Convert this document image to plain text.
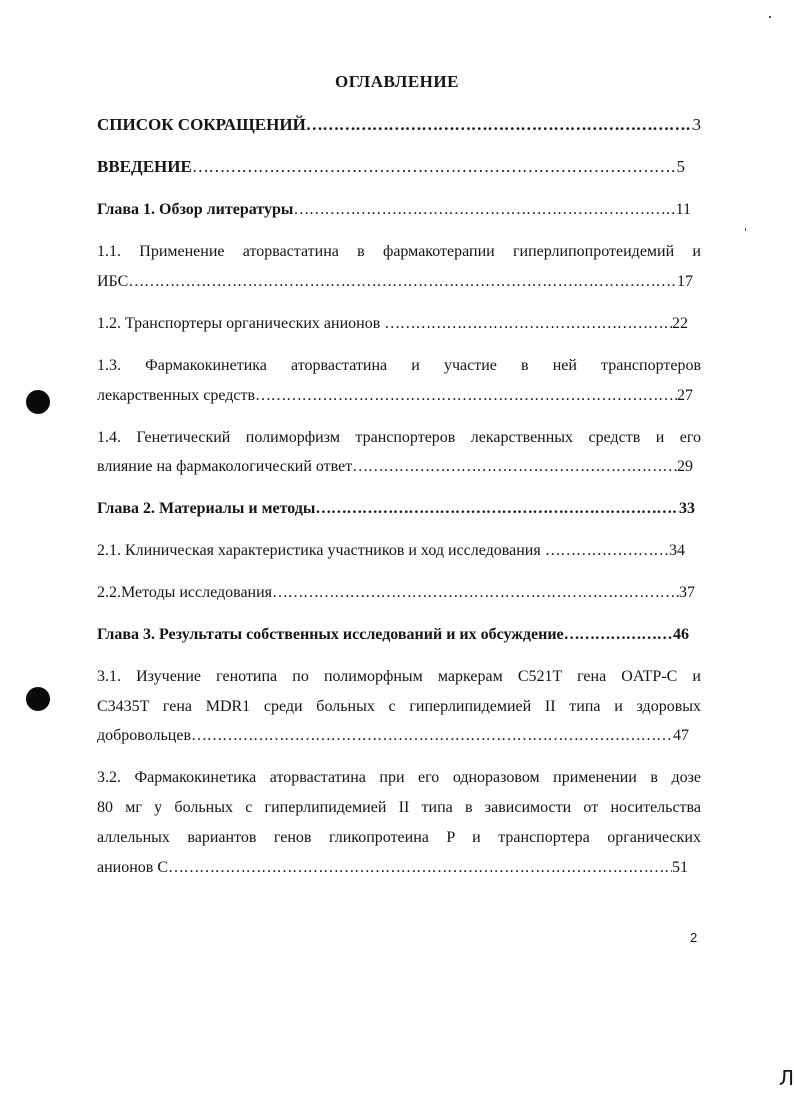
ОГЛАВЛЕНИЕ
СПИСОК СОКРАЩЕНИЙ ………………………………………………………………………………………………………………………………………………………………………………………………	3
ВВЕДЕНИЕ ………………………………………………………………………………………………………………………………………………………………………………………………	5
Глава 1. Обзор литературы ………………………………………………………………………………………………………………………………………………………………………………………………	11
1.1. Применение аторвастатина в фармакотерапии гиперлипопротеидемий и
ИБС ………………………………………………………………………………………………………………………………………………………………………………………………	17
1.2. Транспортеры органических анионов ………………………………………………………………………………………………………………………………………………………………………………………………	22
1.3. Фармакокинетика аторвастатина и участие в ней транспортеров
лекарственных средств ………………………………………………………………………………………………………………………………………………………………………………………………	27
1.4. Генетический полиморфизм транспортеров лекарственных средств и его
влияние на фармакологический ответ ………………………………………………………………………………………………………………………………………………………………………………………………	29
Глава 2. Материалы и методы ………………………………………………………………………………………………………………………………………………………………………………………………	33
2.1. Клиническая характеристика участников и ход исследования ………………………………………………………………………………………………………………………………………………………………………………………………	34
2.2.Методы исследования ………………………………………………………………………………………………………………………………………………………………………………………………	37
Глава 3. Результаты собственных исследований и их обсуждение ………………………………………………………………………………………………………………………………………………………………………………………………	46
3.1. Изучение генотипа по полиморфным маркерам C521T гена OATP-C и
C3435T гена MDR1 среди больных с гиперлипидемией II типа и здоровых
добровольцев ………………………………………………………………………………………………………………………………………………………………………………………………	47
3.2. Фармакокинетика аторвастатина при его одноразовом применении в дозе
80 мг у больных с гиперлипидемией II типа в зависимости от носительства
аллельных вариантов генов гликопротеина P и транспортера органических
анионов C ………………………………………………………………………………………………………………………………………………………………………………………………	51
2
Л
